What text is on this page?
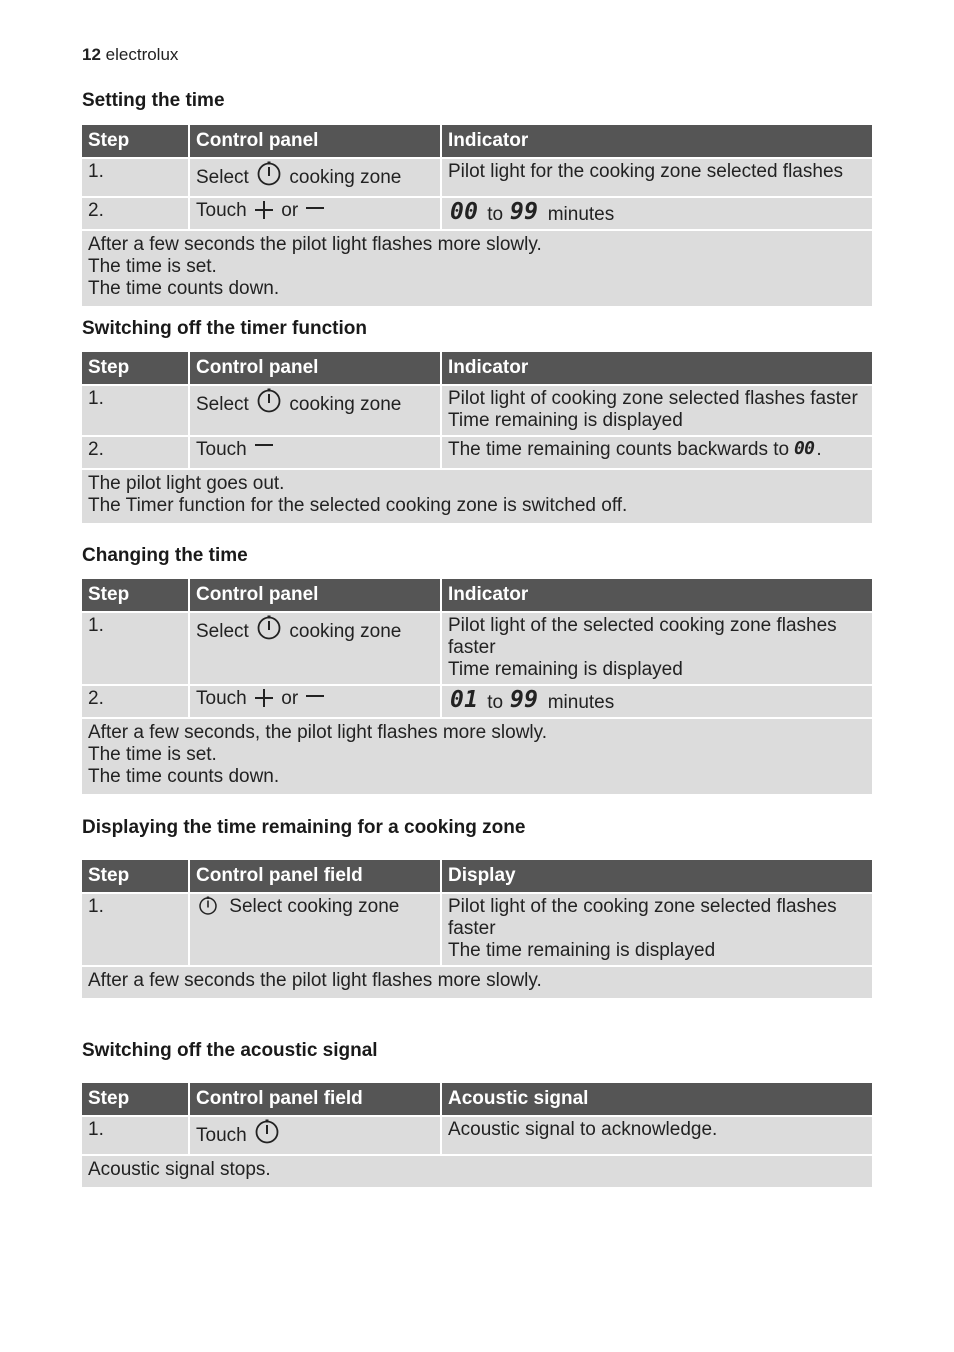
12 electrolux
Setting the time
Step	Control panel	Indicator
1.	Select cooking zone	Pilot light for the cooking zone selected flashes
2.	Touch or	00 to 99 minutes

After a few seconds the pilot light flashes more slowly.
The time is set.
The time counts down.		
Switching off the timer function
Step	Control panel	Indicator
1.	Select cooking zone	Pilot light of cooking zone selected flashes faster
Time remaining is displayed

2.	Touch	The time remaining counts backwards to 00 .

The pilot light goes out.
The Timer function for the selected cooking zone is switched off.		
Changing the time
Step	Control panel	Indicator
1.	Select cooking zone	Pilot light of the selected cooking zone flashes
faster
Time remaining is displayed

2.	Touch or	01 to 99 minutes

After a few seconds, the pilot light flashes more slowly.
The time is set.
The time counts down.		
Displaying the time remaining for a cooking zone
Step	Control panel field	Display
1.	Select cooking zone	Pilot light of the cooking zone selected flashes
faster
The time remaining is displayed

After a few seconds the pilot light flashes more slowly.		
Switching off the acoustic signal
Step	Control panel field	Acoustic signal
1.	Touch	Acoustic signal to acknowledge.

Acoustic signal stops.		
